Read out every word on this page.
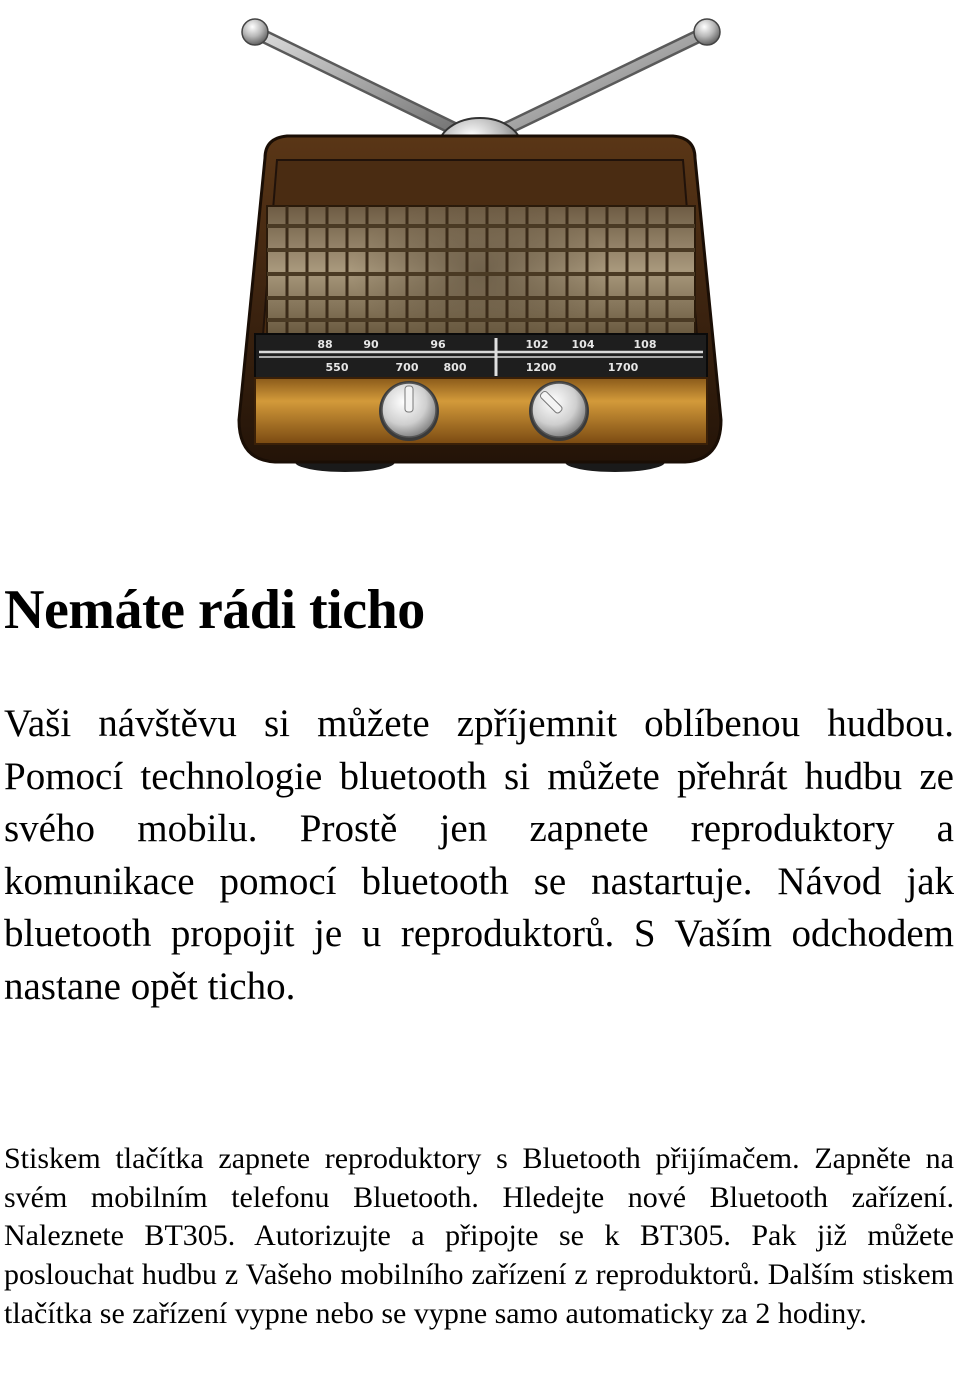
88	90	96	102 104	108
550	700 800	1200	1700
Nemáte rádi ticho

Vaši návštěvu si můžete zpříjemnit oblíbenou hudbou. Pomocí technologie bluetooth si můžete přehrát hudbu ze svého mobilu. Prostě jen zapnete reproduktory a komunikace pomocí bluetooth se nastartuje. Návod jak bluetooth propojit je u reproduktorů. S Vaším odchodem nastane opět ticho.

Stiskem tlačítka zapnete reproduktory s Bluetooth přijímačem. Zapněte na svém mobilním telefonu Bluetooth. Hledejte nové Bluetooth zařízení. Naleznete BT305. Autorizujte a připojte se k BT305. Pak již můžete poslouchat hudbu z Vašeho mobilního zařízení z reproduktorů. Dalším stiskem tlačítka se zařízení vypne nebo se vypne samo automaticky za 2 hodiny.
